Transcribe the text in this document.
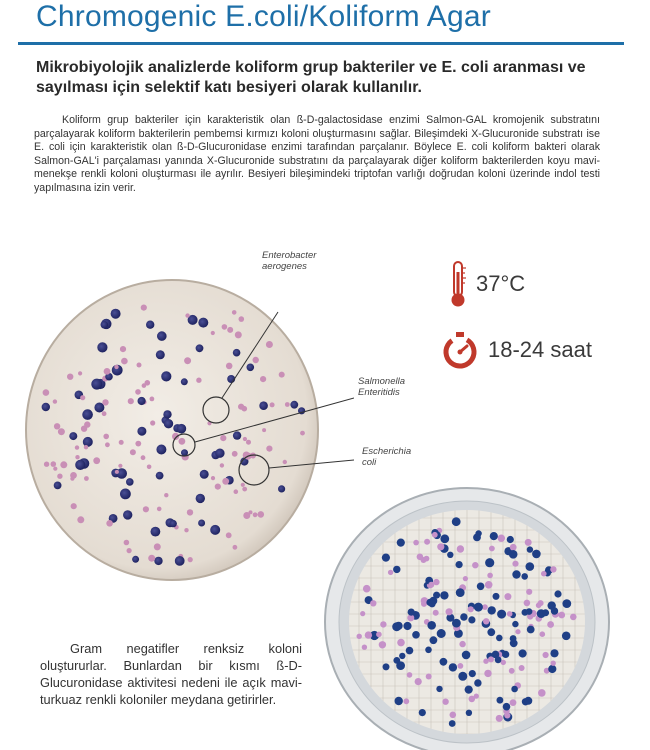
Chromogenic E.coli/Koliform Agar

Mikrobiyolojik analizlerde koliform grup bakteriler ve E. coli aranması ve sayılması için selektif katı besiyeri olarak kullanılır.

Koliform grup bakteriler için karakteristik olan ß-D-galactosidase enzimi Salmon-GAL kromojenik substratını parçalayarak koliform bakterilerin pembemsi kırmızı koloni oluşturmasını sağlar. Bileşimdeki X-Glucuronide substratı ise E. coli için karakteristik olan ß-D-Glucuronidase enzimi tarafından parçalanır. Böylece E. coli koliform bakteri olarak Salmon-GAL'i parçalaması yanında X-Glucuronide substratını da parçalayarak diğer koliform bakterilerden koyu mavi-menekşe renkli koloni oluşturması ile ayrılır. Besiyeri bileşimindeki triptofan varlığı doğrudan koloni üzerinde indol testi yapılmasına izin verir.

37°C
18-24 saat
Enterobacter aerogenes
Salmonella Enteritidis
Escherichia coli

Gram negatifler renksiz koloni oluştururlar. Bunlardan bir kısmı ß-D-Glucuronidase aktivitesi nedeni ile açık mavi-turkuaz renkli koloniler meydana getirirler.
